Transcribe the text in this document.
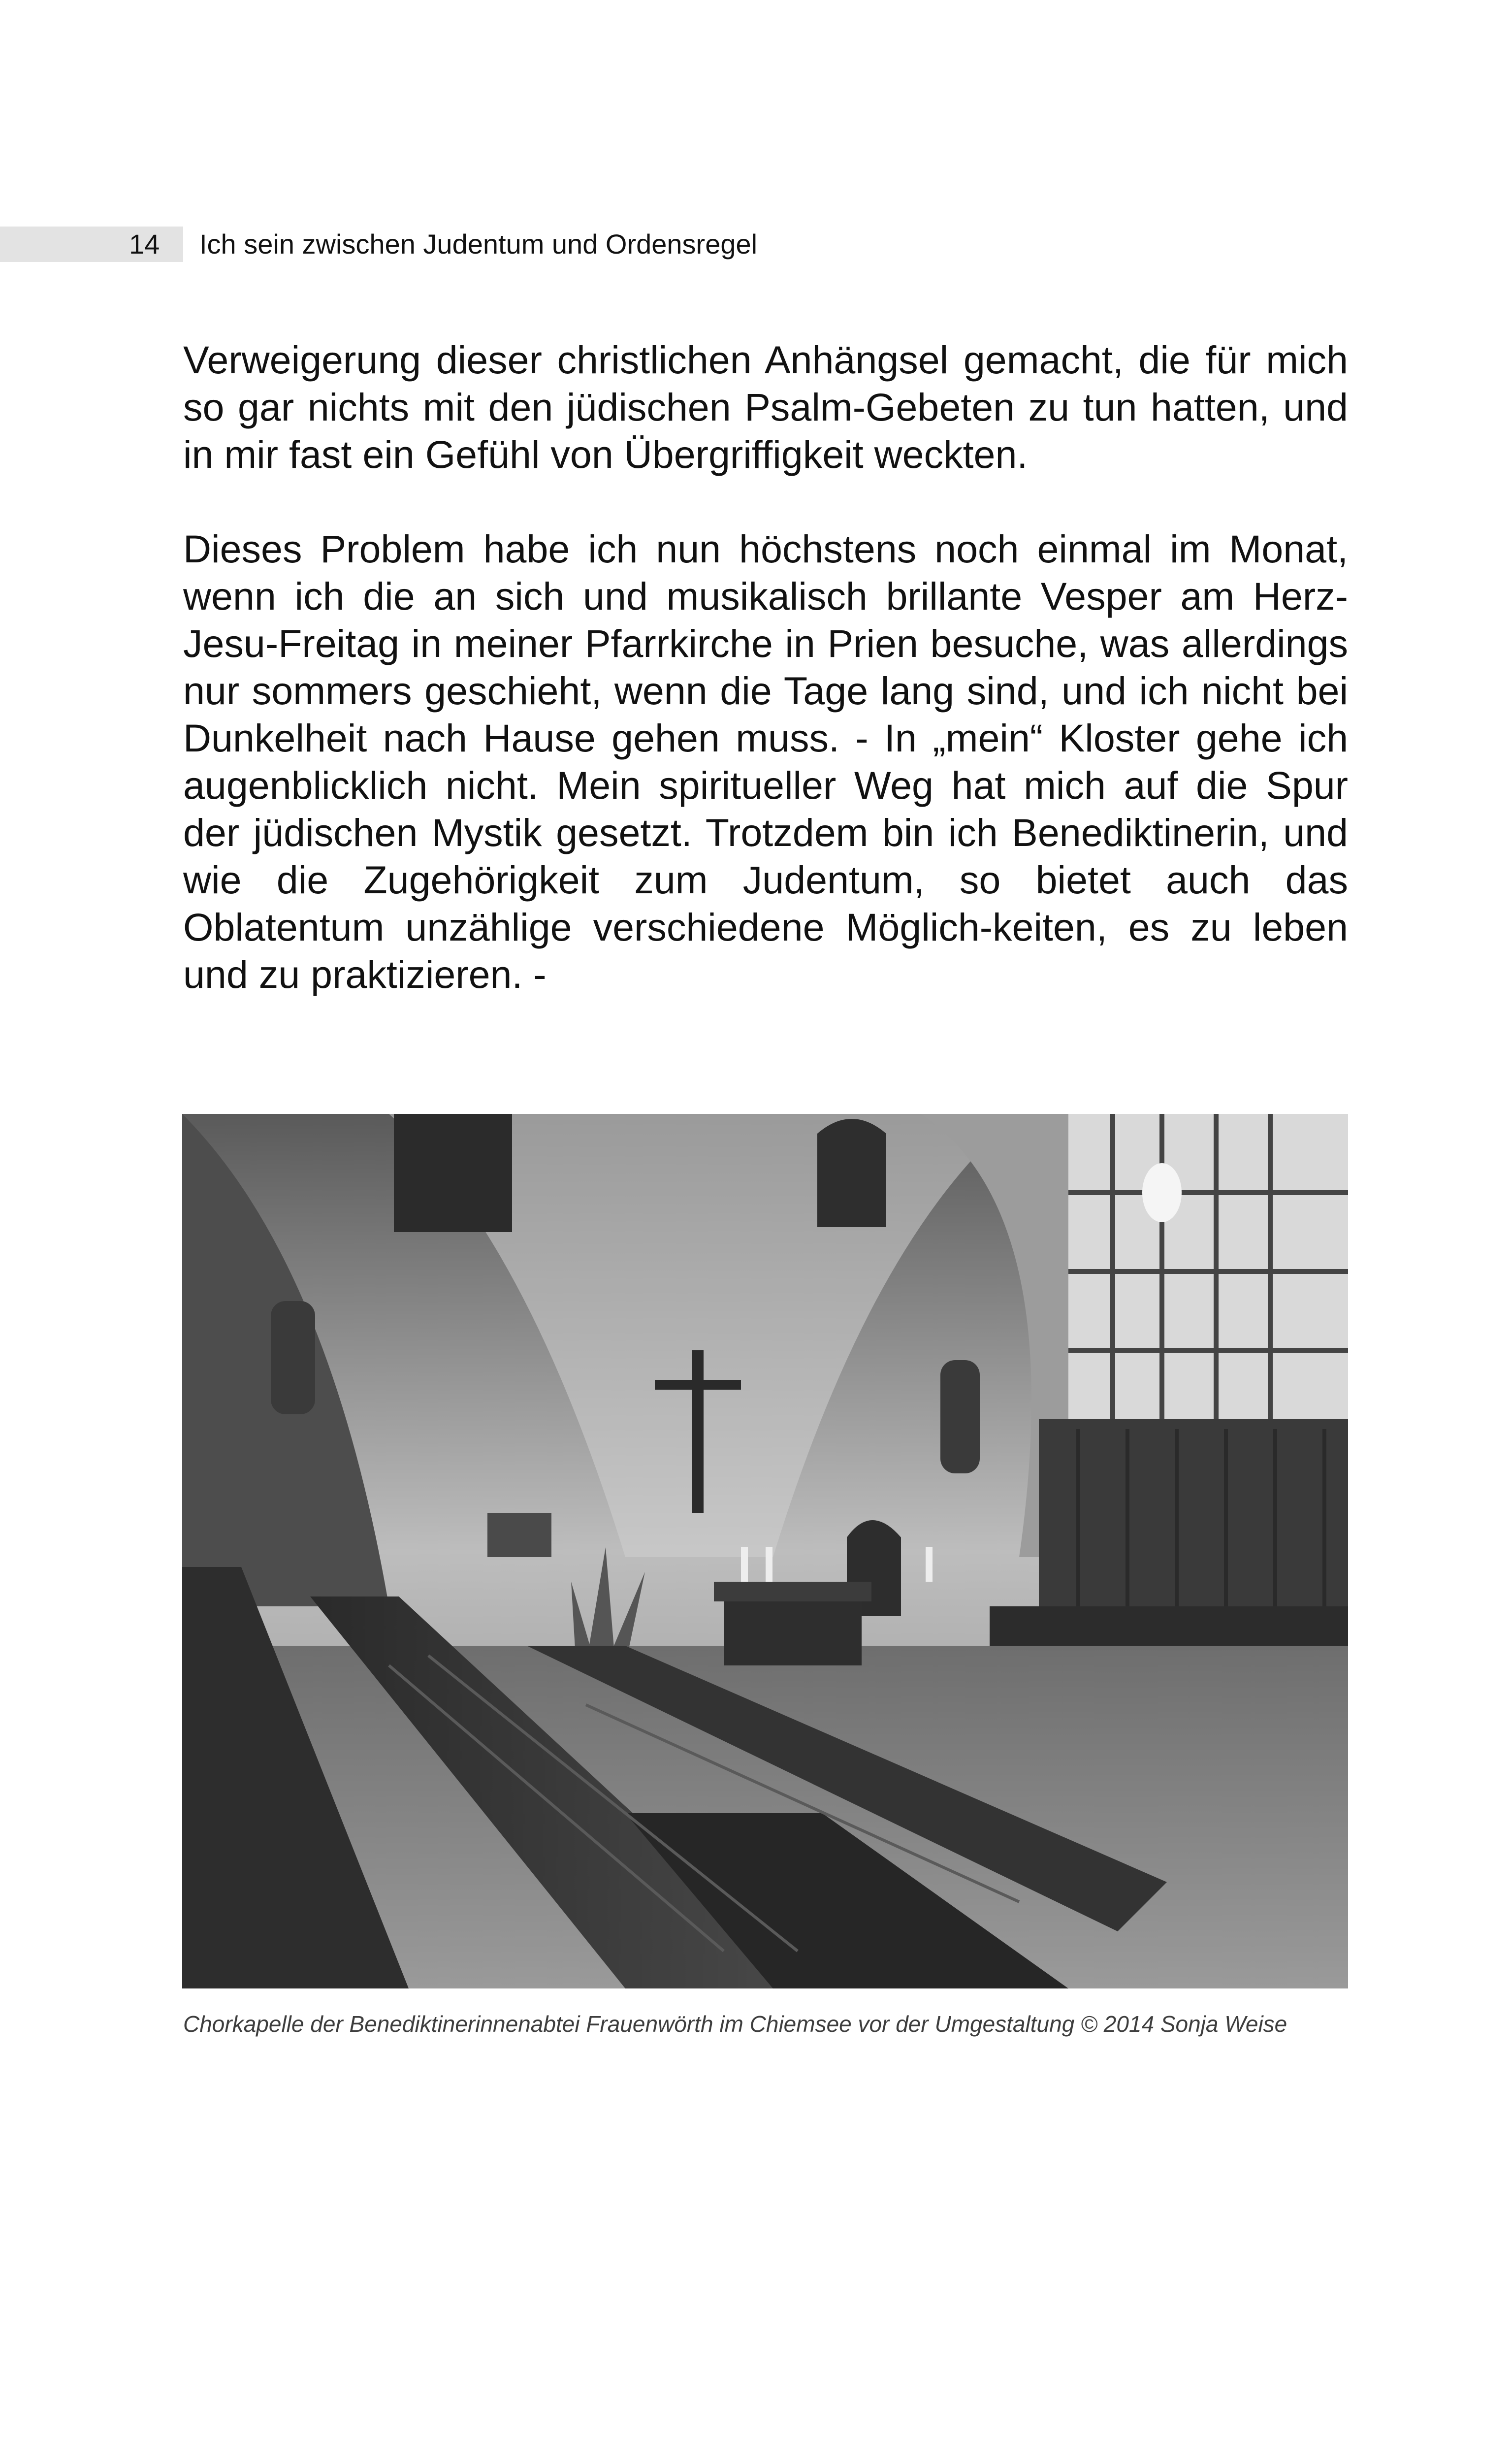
14 Ich sein zwischen Judentum und Ordensregel
Verweigerung dieser christlichen Anhängsel gemacht, die für mich so gar nichts mit den jüdischen Psalm-Gebeten zu tun hatten, und in mir fast ein Gefühl von Übergriffigkeit weckten.
Dieses Problem habe ich nun höchstens noch einmal im Monat, wenn ich die an sich und musikalisch brillante Vesper am Herz-Jesu-Freitag in meiner Pfarrkirche in Prien besuche, was allerdings nur sommers geschieht, wenn die Tage lang sind, und ich nicht bei Dunkelheit nach Hause gehen muss. - In „mein“ Kloster gehe ich augenblicklich nicht. Mein spiritueller Weg hat mich auf die Spur der jüdischen Mystik gesetzt. Trotzdem bin ich Benediktinerin, und wie die Zugehörigkeit zum Judentum, so bietet auch das Oblatentum unzählige verschiedene Möglich-keiten, es zu leben und zu praktizieren. -
Chorkapelle der Benediktinerinnenabtei Frauenwörth im Chiemsee vor der Umgestaltung © 2014 Sonja Weise
